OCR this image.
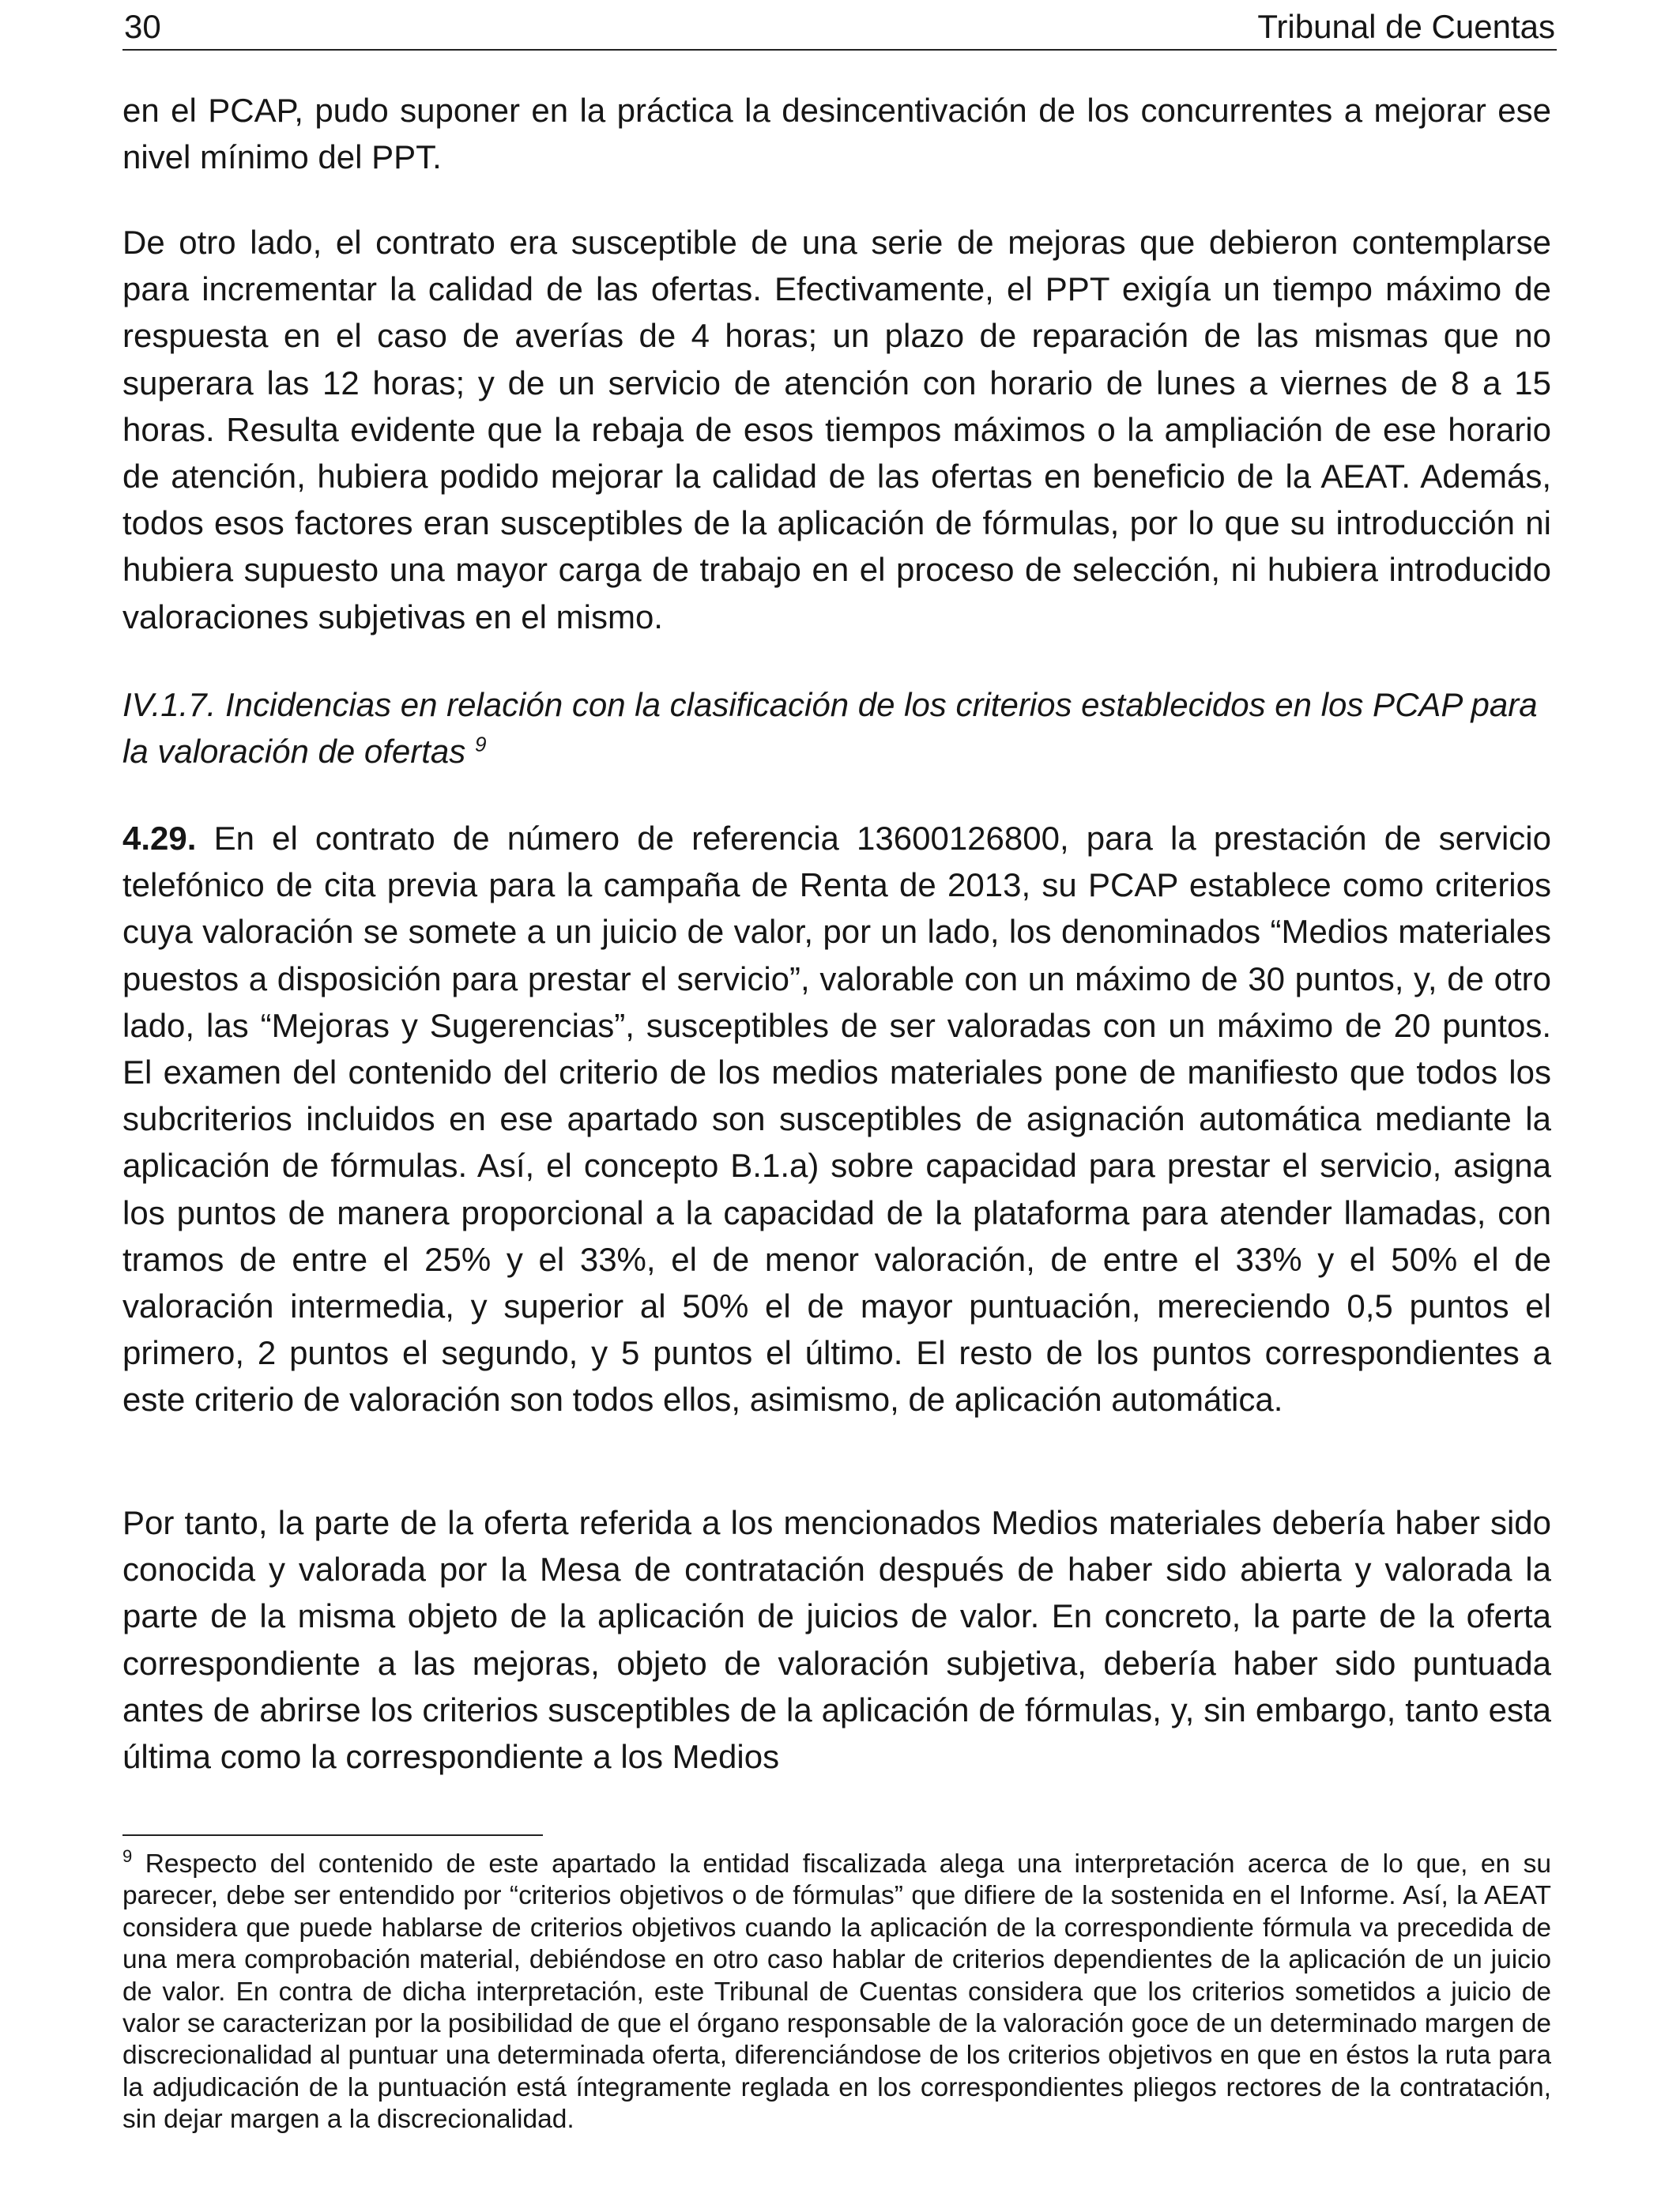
30	Tribunal de Cuentas

en el PCAP, pudo suponer en la práctica la desincentivación de los concurrentes a mejorar ese nivel mínimo del PPT.

De otro lado, el contrato era susceptible de una serie de mejoras que debieron contemplarse para incrementar la calidad de las ofertas. Efectivamente, el PPT exigía un tiempo máximo de respuesta en el caso de averías de 4 horas; un plazo de reparación de las mismas que no superara las 12 horas; y de un servicio de atención con horario de lunes a viernes de 8 a 15 horas. Resulta evidente que la rebaja de esos tiempos máximos o la ampliación de ese horario de atención, hubiera podido mejorar la calidad de las ofertas en beneficio de la AEAT. Además, todos esos factores eran susceptibles de la aplicación de fórmulas, por lo que su introducción ni hubiera supuesto una mayor carga de trabajo en el proceso de selección, ni hubiera introducido valoraciones subjetivas en el mismo.

IV.1.7. Incidencias en relación con la clasificación de los criterios establecidos en los PCAP para la valoración de ofertas $^9$

4.29. En el contrato de número de referencia 13600126800, para la prestación de servicio telefónico de cita previa para la campaña de Renta de 2013, su PCAP establece como criterios cuya valoración se somete a un juicio de valor, por un lado, los denominados “Medios materiales puestos a disposición para prestar el servicio”, valorable con un máximo de 30 puntos, y, de otro lado, las “Mejoras y Sugerencias”, susceptibles de ser valoradas con un máximo de 20 puntos. El examen del contenido del criterio de los medios materiales pone de manifiesto que todos los subcriterios incluidos en ese apartado son susceptibles de asignación automática mediante la aplicación de fórmulas. Así, el concepto B.1.a) sobre capacidad para prestar el servicio, asigna los puntos de manera proporcional a la capacidad de la plataforma para atender llamadas, con tramos de entre el 25% y el 33%, el de menor valoración, de entre el 33% y el 50% el de valoración intermedia, y superior al 50% el de mayor puntuación, mereciendo 0,5 puntos el primero, 2 puntos el segundo, y 5 puntos el último. El resto de los puntos correspondientes a este criterio de valoración son todos ellos, asimismo, de aplicación automática.

Por tanto, la parte de la oferta referida a los mencionados Medios materiales debería haber sido conocida y valorada por la Mesa de contratación después de haber sido abierta y valorada la parte de la misma objeto de la aplicación de juicios de valor. En concreto, la parte de la oferta correspondiente a las mejoras, objeto de valoración subjetiva, debería haber sido puntuada antes de abrirse los criterios susceptibles de la aplicación de fórmulas, y, sin embargo, tanto esta última como la correspondiente a los Medios

$^9$ Respecto del contenido de este apartado la entidad fiscalizada alega una interpretación acerca de lo que, en su parecer, debe ser entendido por “criterios objetivos o de fórmulas” que difiere de la sostenida en el Informe. Así, la AEAT considera que puede hablarse de criterios objetivos cuando la aplicación de la correspondiente fórmula va precedida de una mera comprobación material, debiéndose en otro caso hablar de criterios dependientes de la aplicación de un juicio de valor. En contra de dicha interpretación, este Tribunal de Cuentas considera que los criterios sometidos a juicio de valor se caracterizan por la posibilidad de que el órgano responsable de la valoración goce de un determinado margen de discrecionalidad al puntuar una determinada oferta, diferenciándose de los criterios objetivos en que en éstos la ruta para la adjudicación de la puntuación está íntegramente reglada en los correspondientes pliegos rectores de la contratación, sin dejar margen a la discrecionalidad.
